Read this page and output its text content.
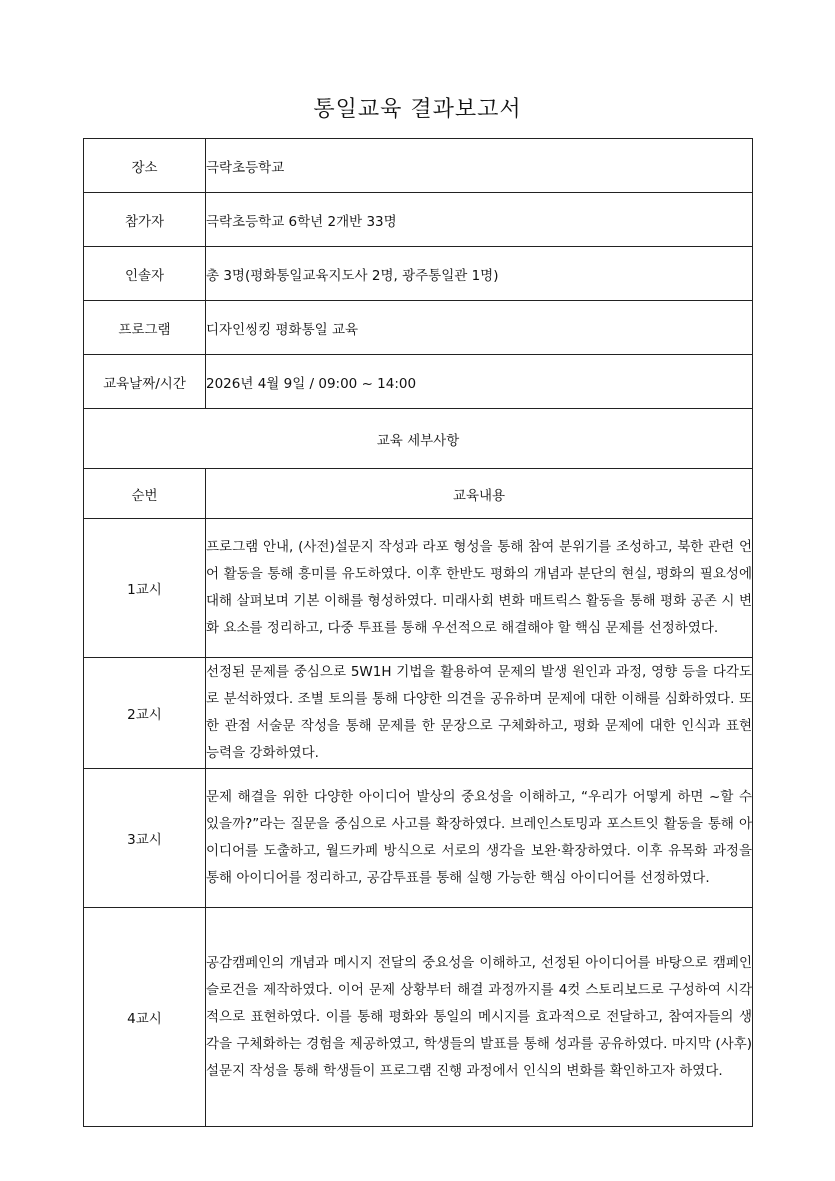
통일교육 결과보고서
장소	극락초등학교
참가자	극락초등학교 6학년 2개반 33명
인솔자	총 3명(평화통일교육지도사 2명, 광주통일관 1명)
프로그램	디자인씽킹 평화통일 교육
교육날짜/시간	2026년 4월 9일 / 09:00 ~ 14:00
교육 세부사항	
순번	교육내용
1교시	프로그램 안내, (사전)설문지 작성과 라포 형성을 통해 참여 분위기를 조성하고, 북한 관련 언어 활동을 통해 흥미를 유도하였다. 이후 한반도 평화의 개념과 분단의 현실, 평화의 필요성에 대해 살펴보며 기본 이해를 형성하였다. 미래사회 변화 매트릭스 활동을 통해 평화 공존 시 변화 요소를 정리하고, 다중 투표를 통해 우선적으로 해결해야 할 핵심 문제를 선정하였다.
2교시	선정된 문제를 중심으로 5W1H 기법을 활용하여 문제의 발생 원인과 과정, 영향 등을 다각도로 분석하였다. 조별 토의를 통해 다양한 의견을 공유하며 문제에 대한 이해를 심화하였다. 또한 관점 서술문 작성을 통해 문제를 한 문장으로 구체화하고, 평화 문제에 대한 인식과 표현 능력을 강화하였다.
3교시	문제 해결을 위한 다양한 아이디어 발상의 중요성을 이해하고, “우리가 어떻게 하면 ~할 수 있을까?”라는 질문을 중심으로 사고를 확장하였다. 브레인스토밍과 포스트잇 활동을 통해 아이디어를 도출하고, 월드카페 방식으로 서로의 생각을 보완·확장하였다. 이후 유목화 과정을 통해 아이디어를 정리하고, 공감투표를 통해 실행 가능한 핵심 아이디어를 선정하였다.
4교시	공감캠페인의 개념과 메시지 전달의 중요성을 이해하고, 선정된 아이디어를 바탕으로 캠페인 슬로건을 제작하였다. 이어 문제 상황부터 해결 과정까지를 4컷 스토리보드로 구성하여 시각적으로 표현하였다. 이를 통해 평화와 통일의 메시지를 효과적으로 전달하고, 참여자들의 생각을 구체화하는 경험을 제공하였고, 학생들의 발표를 통해 성과를 공유하였다. 마지막 (사후) 설문지 작성을 통해 학생들이 프로그램 진행 과정에서 인식의 변화를 확인하고자 하였다.
